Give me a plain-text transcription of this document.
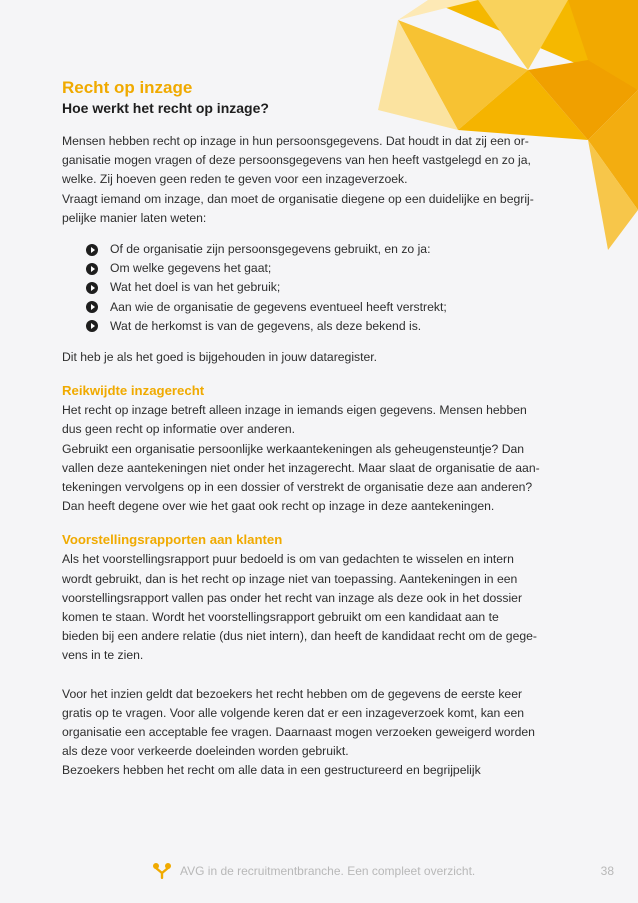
Recht op inzage
Hoe werkt het recht op inzage?

Mensen hebben recht op inzage in hun persoonsgegevens. Dat houdt in dat zij een or-

ganisatie mogen vragen of deze persoonsgegevens van hen heeft vastgelegd en zo ja,

welke. Zij hoeven geen reden te geven voor een inzageverzoek.

Vraagt iemand om inzage, dan moet de organisatie diegene op een duidelijke en begrij-

pelijke manier laten weten:

Of de organisatie zijn persoonsgegevens gebruikt, en zo ja:
Om welke gegevens het gaat;
Wat het doel is van het gebruik;
Aan wie de organisatie de gegevens eventueel heeft verstrekt;
Wat de herkomst is van de gegevens, als deze bekend is.

Dit heb je als het goed is bijgehouden in jouw dataregister.

Reikwijdte inzagerecht

Het recht op inzage betreft alleen inzage in iemands eigen gegevens. Mensen hebben

dus geen recht op informatie over anderen.

Gebruikt een organisatie persoonlijke werkaantekeningen als geheugensteuntje? Dan

vallen deze aantekeningen niet onder het inzagerecht. Maar slaat de organisatie de aan-

tekeningen vervolgens op in een dossier of verstrekt de organisatie deze aan anderen?

Dan heeft degene over wie het gaat ook recht op inzage in deze aantekeningen.

Voorstellingsrapporten aan klanten

Als het voorstellingsrapport puur bedoeld is om van gedachten te wisselen en intern

wordt gebruikt, dan is het recht op inzage niet van toepassing. Aantekeningen in een

voorstellingsrapport vallen pas onder het recht van inzage als deze ook in het dossier

komen te staan. Wordt het voorstellingsrapport gebruikt om een kandidaat aan te

bieden bij een andere relatie (dus niet intern), dan heeft de kandidaat recht om de gege-

vens in te zien.

Voor het inzien geldt dat bezoekers het recht hebben om de gegevens de eerste keer

gratis op te vragen. Voor alle volgende keren dat er een inzageverzoek komt, kan een

organisatie een acceptable fee vragen. Daarnaast mogen verzoeken geweigerd worden

als deze voor verkeerde doeleinden worden gebruikt.

Bezoekers hebben het recht om alle data in een gestructureerd en begrijpelijk

AVG in de recruitmentbranche. Een compleet overzicht.	38
